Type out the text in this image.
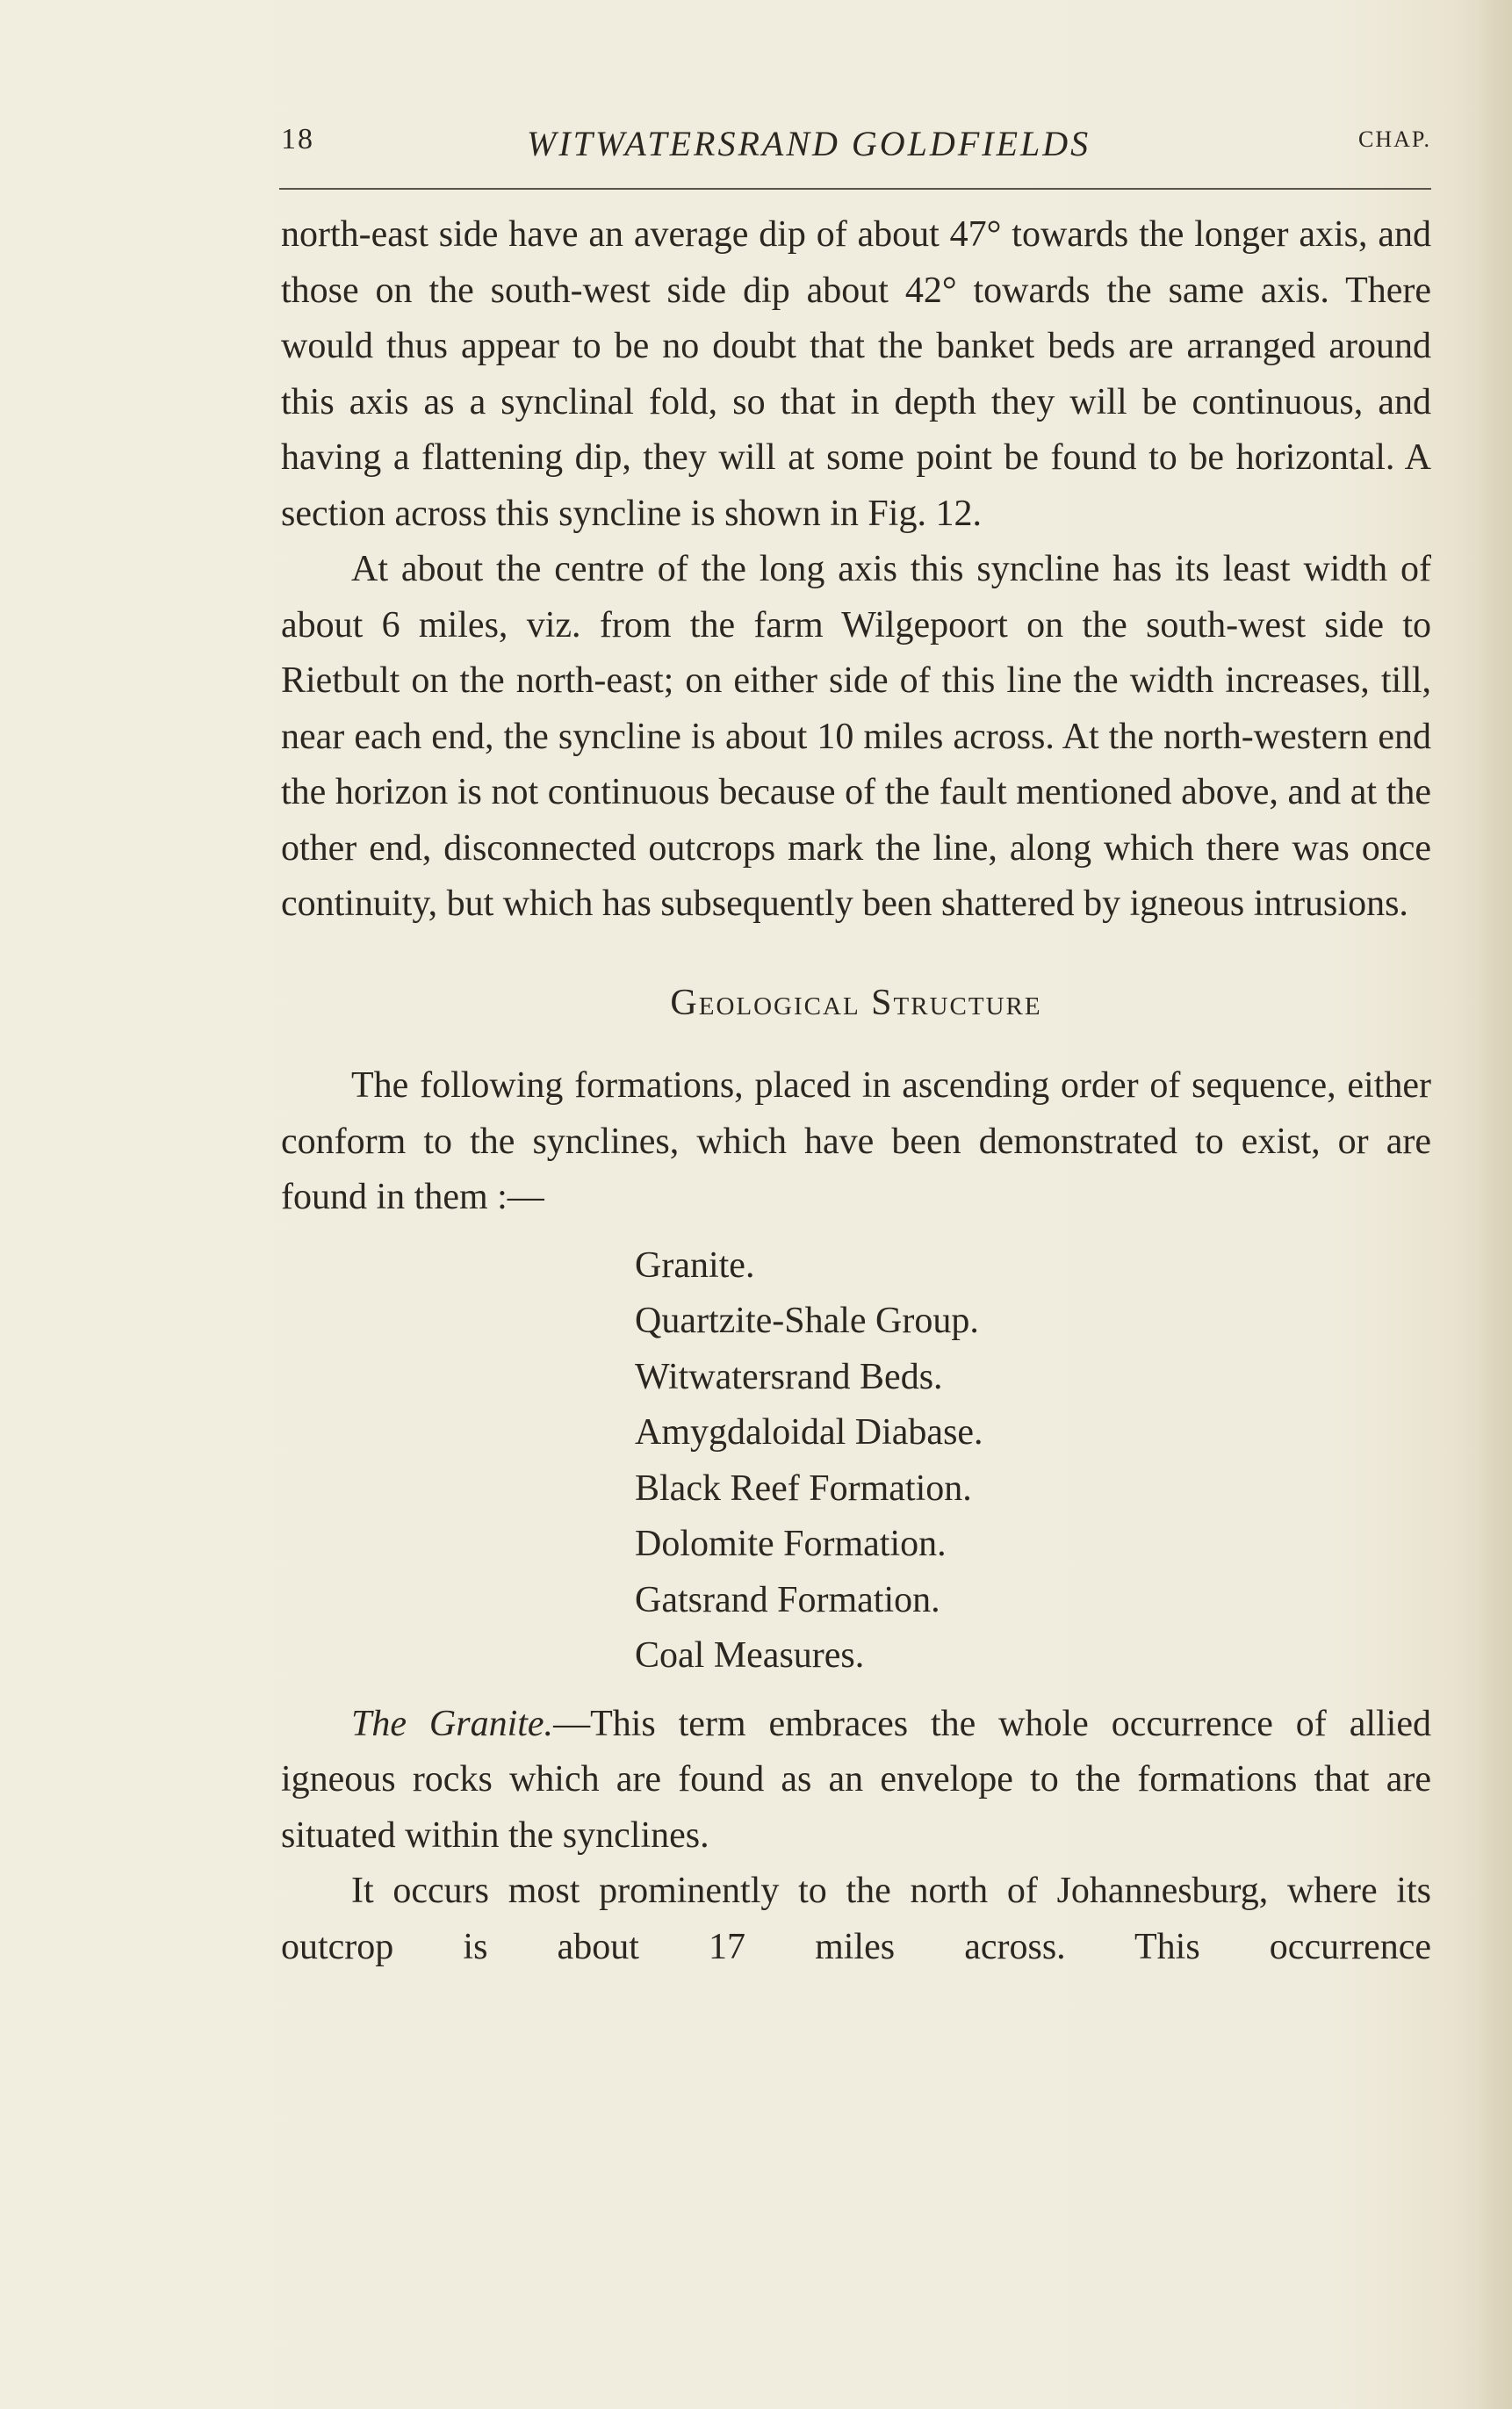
18	WITWATERSRAND GOLDFIELDS	CHAP.

north-east side have an average dip of about 47° towards the longer axis, and those on the south-west side dip about 42° towards the same axis. There would thus appear to be no doubt that the banket beds are arranged around this axis as a synclinal fold, so that in depth they will be continuous, and having a flattening dip, they will at some point be found to be horizontal. A section across this syncline is shown in Fig. 12.

At about the centre of the long axis this syncline has its least width of about 6 miles, viz. from the farm Wilgepoort on the south-west side to Rietbult on the north-east; on either side of this line the width increases, till, near each end, the syncline is about 10 miles across. At the north-western end the horizon is not continuous because of the fault mentioned above, and at the other end, disconnected outcrops mark the line, along which there was once continuity, but which has subsequently been shattered by igneous intrusions.

Geological Structure

The following formations, placed in ascending order of sequence, either conform to the synclines, which have been demonstrated to exist, or are found in them :—

Granite.
Quartzite-Shale Group.
Witwatersrand Beds.
Amygdaloidal Diabase.
Black Reef Formation.
Dolomite Formation.
Gatsrand Formation.
Coal Measures.

The Granite.—This term embraces the whole occurrence of allied igneous rocks which are found as an envelope to the formations that are situated within the synclines.

It occurs most prominently to the north of Johannesburg, where its outcrop is about 17 miles across. This occurrence
